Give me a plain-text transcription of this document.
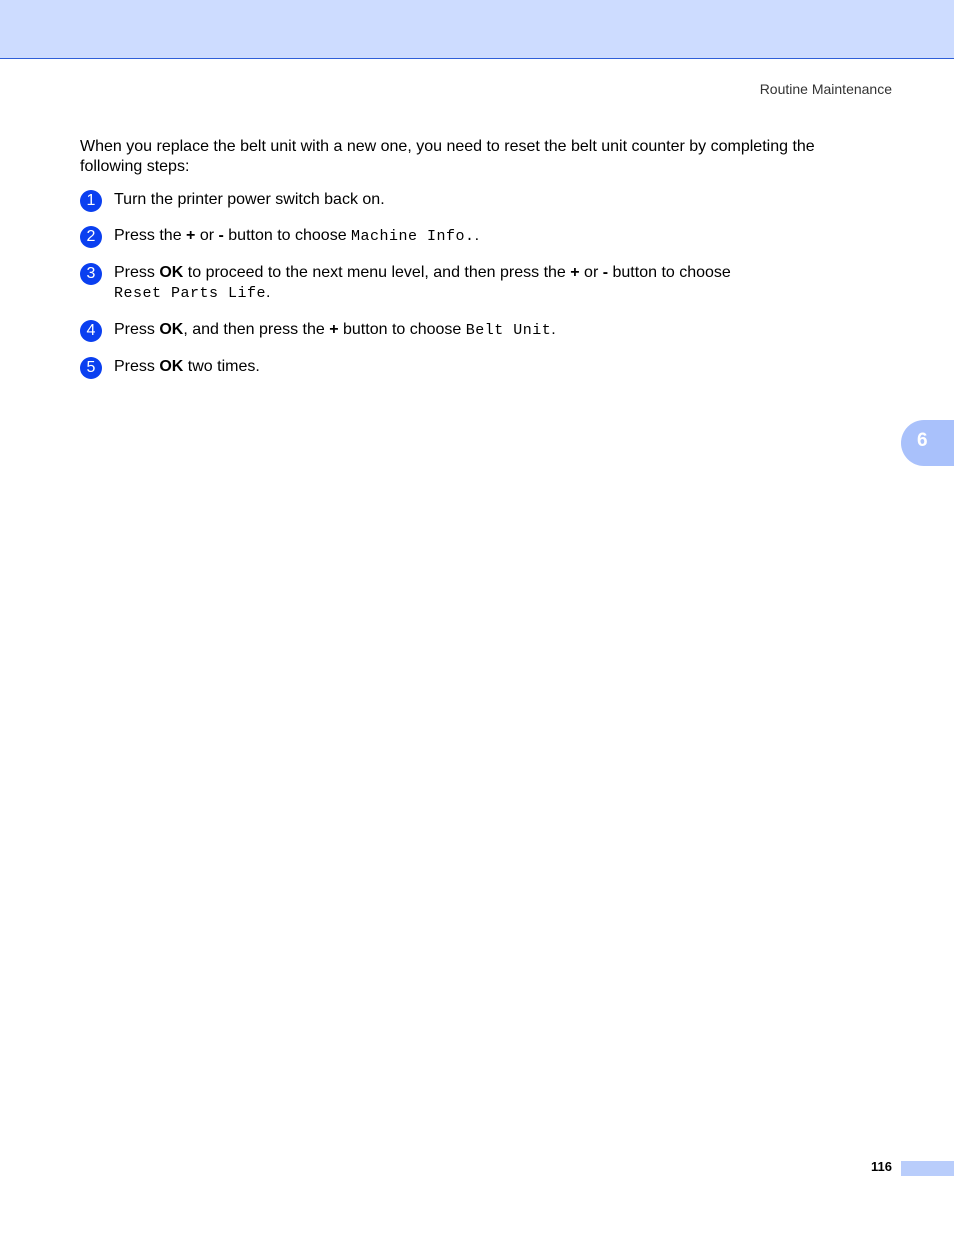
Routine Maintenance

When you replace the belt unit with a new one, you need to reset the belt unit counter by completing the following steps:

1	Turn the printer power switch back on.
2	Press the + or - button to choose Machine Info..
3	Press OK to proceed to the next menu level, and then press the + or - button to choose
Reset Parts Life.
4	Press OK, and then press the + button to choose Belt Unit.
5	Press OK two times.
6
116
